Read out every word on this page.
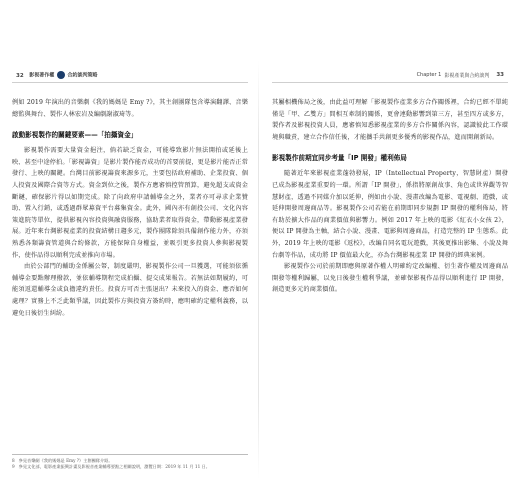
32 影視著作權	合約談判策略

例如 2019 年演出的音樂劇《我的媽媽是 Emy ?》，其主創團隊包含導演翻譯、音樂總監與舞台、製作人林宏岩及編劇謝淑琦等。

啟動影視製作的關鍵要素——「拍攝資金」

影視製作需要大量資金挹注，倘若缺乏資金，可能導致影片無法開拍或延後上映、甚至中途停拍。「影視籌資」是影片製作能否成功的首要前提，更是影片能否正常發行、上映的關鍵。台灣目前影視籌資來源多元，主要包括政府補助、企業投資、個人投資及國際合資等方式。資金到位之後，製作方應審慎控管預算，避免超支或資金斷鏈，確保影片得以如期完成。除了向政府申請輔導金之外，業者亦可尋求企業贊助、置入行銷，或透過群眾募資平台募集資金。此外，國內亦有創投公司、文化內容策進院等單位，提供影視內容投資與融資服務，協助業者取得資金，帶動影視產業發展。近年來台灣影視產業的投資結構日趨多元，製作團隊除須具備創作能力外，亦須熟悉各類籌資管道與合約條款，方能保障自身權益，並吸引更多投資人參與影視製作，使作品得以順利完成並推向市場。

由於公部門的輔助金係屬公帑，制度嚴明，影視製作公司一旦獲選，可能須依循輔導金要點辦理撥款，並依輔導期程完成拍攝、提交成果報告。若無法如期履約，可能須返還輔導金或負擔違約責任。投資方可否主張退出？未來投入的資金、應否如何處理？實務上不乏此類爭議，因此製作方與投資方簽約時，應明確約定權利義務，以避免日後衍生糾紛。

8 參見音樂劇《我的媽媽是 Emy ?》主創團隊介紹。
9 參見文化部，電影產業振興計畫及影視音產業輔導要點之相關說明，瀏覽日期：2019 年 11 月 11 日。
Chapter 1 影視產業與合約談判 33

其屬相機佈局之後，由此益可理解「影視製作產業多方合作關係裡，合約已經不單純僅是「甲、乙雙方」間相互牽制的關係，更會連動影響到第三方，甚至四方或多方，製作者及影視投資人員，應審慎知悉影視產業的多方合作關係內容，認識彼此工作環境與職責，建立合作信任後，才能攜手共創更多優秀的影視作品，進而開創新局。

影視製作前期宜同步考量「IP 開發」權利佈局

隨著近年來影視產業蓬勃發展，IP（Intellectual Property，智慧財產）開發已成為影視產業重要的一環。所謂「IP 開發」，係指將原創故事、角色或世界觀等智慧財產，透過不同媒介加以延伸，例如由小說、漫畫改編為電影、電視劇、遊戲，或延伸開發周邊商品等。影視製作公司若能在前期即同步規劃 IP 開發的權利佈局，將有助於擴大作品的商業價值與影響力。例如 2017 年上映的電影《紅衣小女孩 2》，便以 IP 開發為主軸，結合小說、漫畫、電影與周邊商品，打造完整的 IP 生態系。此外，2019 年上映的電影《返校》，改編自同名電玩遊戲，其後更推出影集、小說及舞台劇等作品，成功將 IP 價值最大化，亦為台灣影視產業 IP 開發的經典案例。

影視製作公司於前期即應與原著作權人明確約定改編權、衍生著作權及周邊商品開發等權利歸屬，以免日後發生權利爭議，並確保影視作品得以順利進行 IP 開發，創造更多元的商業價值。
